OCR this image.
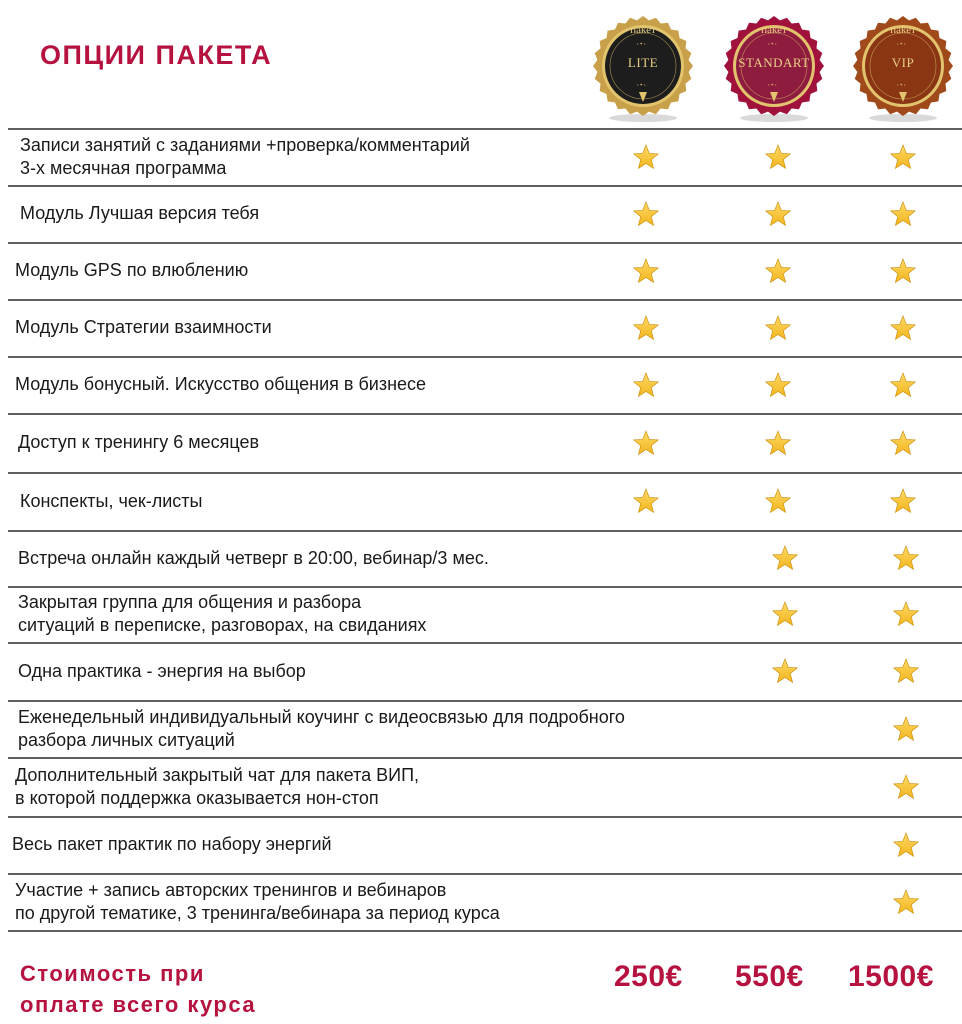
ОПЦИИ ПАКЕТА	• ✦ •
• ✦ •
пакет
LITE
• ✦ •
• ✦ •
пакет
STANDART
• ✦ •
• ✦ •
пакет
VIP
Записи занятий с заданиями +проверка/комментарий
3-х месячная программа
Модуль Лучшая версия тебя
Модуль GPS по влюблению
Модуль Стратегии взаимности
Модуль бонусный. Искусство общения в бизнесе
Доступ к тренингу 6 месяцев
Конспекты, чек-листы
Встреча онлайн каждый четверг в 20:00, вебинар/3 мес.
Закрытая группа для общения и разбора
ситуаций в переписке, разговорах, на свиданиях
Одна практика - энергия на выбор
Еженедельный индивидуальный коучинг с видеосвязью для подробного
разбора личных ситуаций
Дополнительный закрытый чат для пакета ВИП,
в которой поддержка оказывается нон-стоп
Весь пакет практик по набору энергий
Участие + запись авторских тренингов и вебинаров
по другой тематике, 3 тренинга/вебинара за период курса
Стоимость при
оплате всего курса
250€ 550€ 1500€
